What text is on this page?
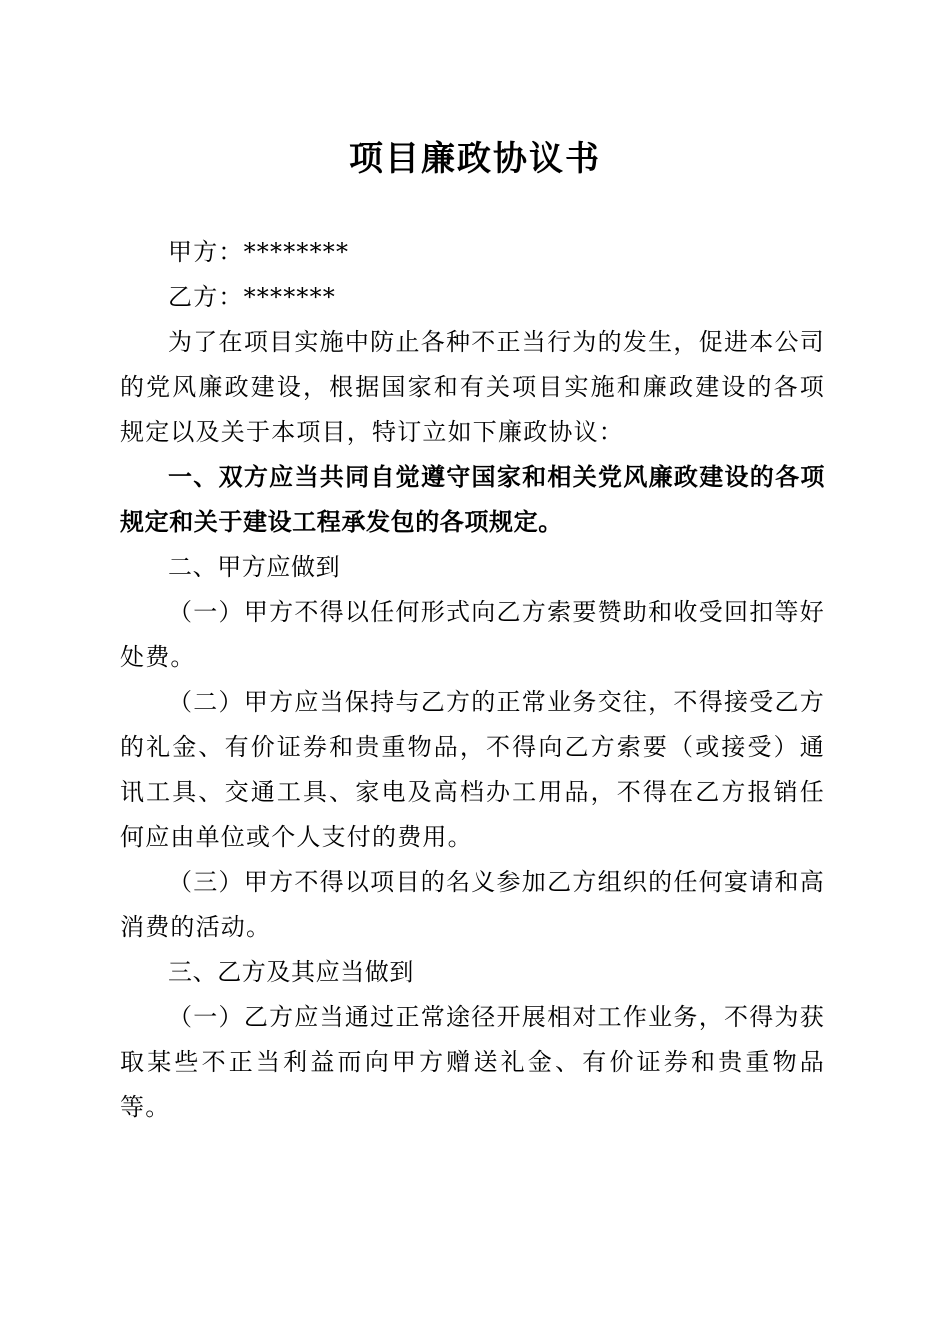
项目廉政协议书

甲方：********

乙方：*******

为了在项目实施中防止各种不正当行为的发生，促进本公司的党风廉政建设，根据国家和有关项目实施和廉政建设的各项规定以及关于本项目，特订立如下廉政协议：

一、双方应当共同自觉遵守国家和相关党风廉政建设的各项规定和关于建设工程承发包的各项规定。

二、甲方应做到

（一）甲方不得以任何形式向乙方索要赞助和收受回扣等好处费。

（二）甲方应当保持与乙方的正常业务交往，不得接受乙方的礼金、有价证券和贵重物品，不得向乙方索要（或接受）通讯工具、交通工具、家电及高档办工用品，不得在乙方报销任何应由单位或个人支付的费用。

（三）甲方不得以项目的名义参加乙方组织的任何宴请和高消费的活动。

三、乙方及其应当做到

（一）乙方应当通过正常途径开展相对工作业务，不得为获取某些不正当利益而向甲方赠送礼金、有价证券和贵重物品等。
